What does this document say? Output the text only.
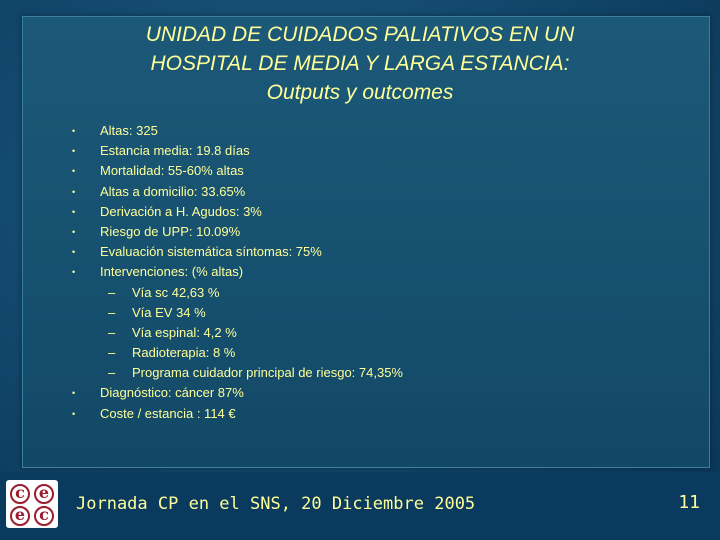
UNIDAD DE CUIDADOS PALIATIVOS EN UN
HOSPITAL DE MEDIA Y LARGA ESTANCIA:
Outputs y outcomes
• Altas: 325
• Estancia media: 19.8 días
• Mortalidad: 55-60% altas
• Altas a domicilio: 33.65%
• Derivación a H. Agudos: 3%
• Riesgo de UPP: 10.09%
• Evaluación sistemática síntomas: 75%
• Intervenciones: (% altas)
– Vía sc 42,63 %
– Vía EV 34 %
– Vía espinal: 4,2 %
– Radioterapia: 8 %
– Programa cuidador principal de riesgo: 74,35%
• Diagnóstico: cáncer 87%
• Coste / estancia : 114 €
c e
e c
Jornada CP en el SNS, 20 Diciembre 2005	11
